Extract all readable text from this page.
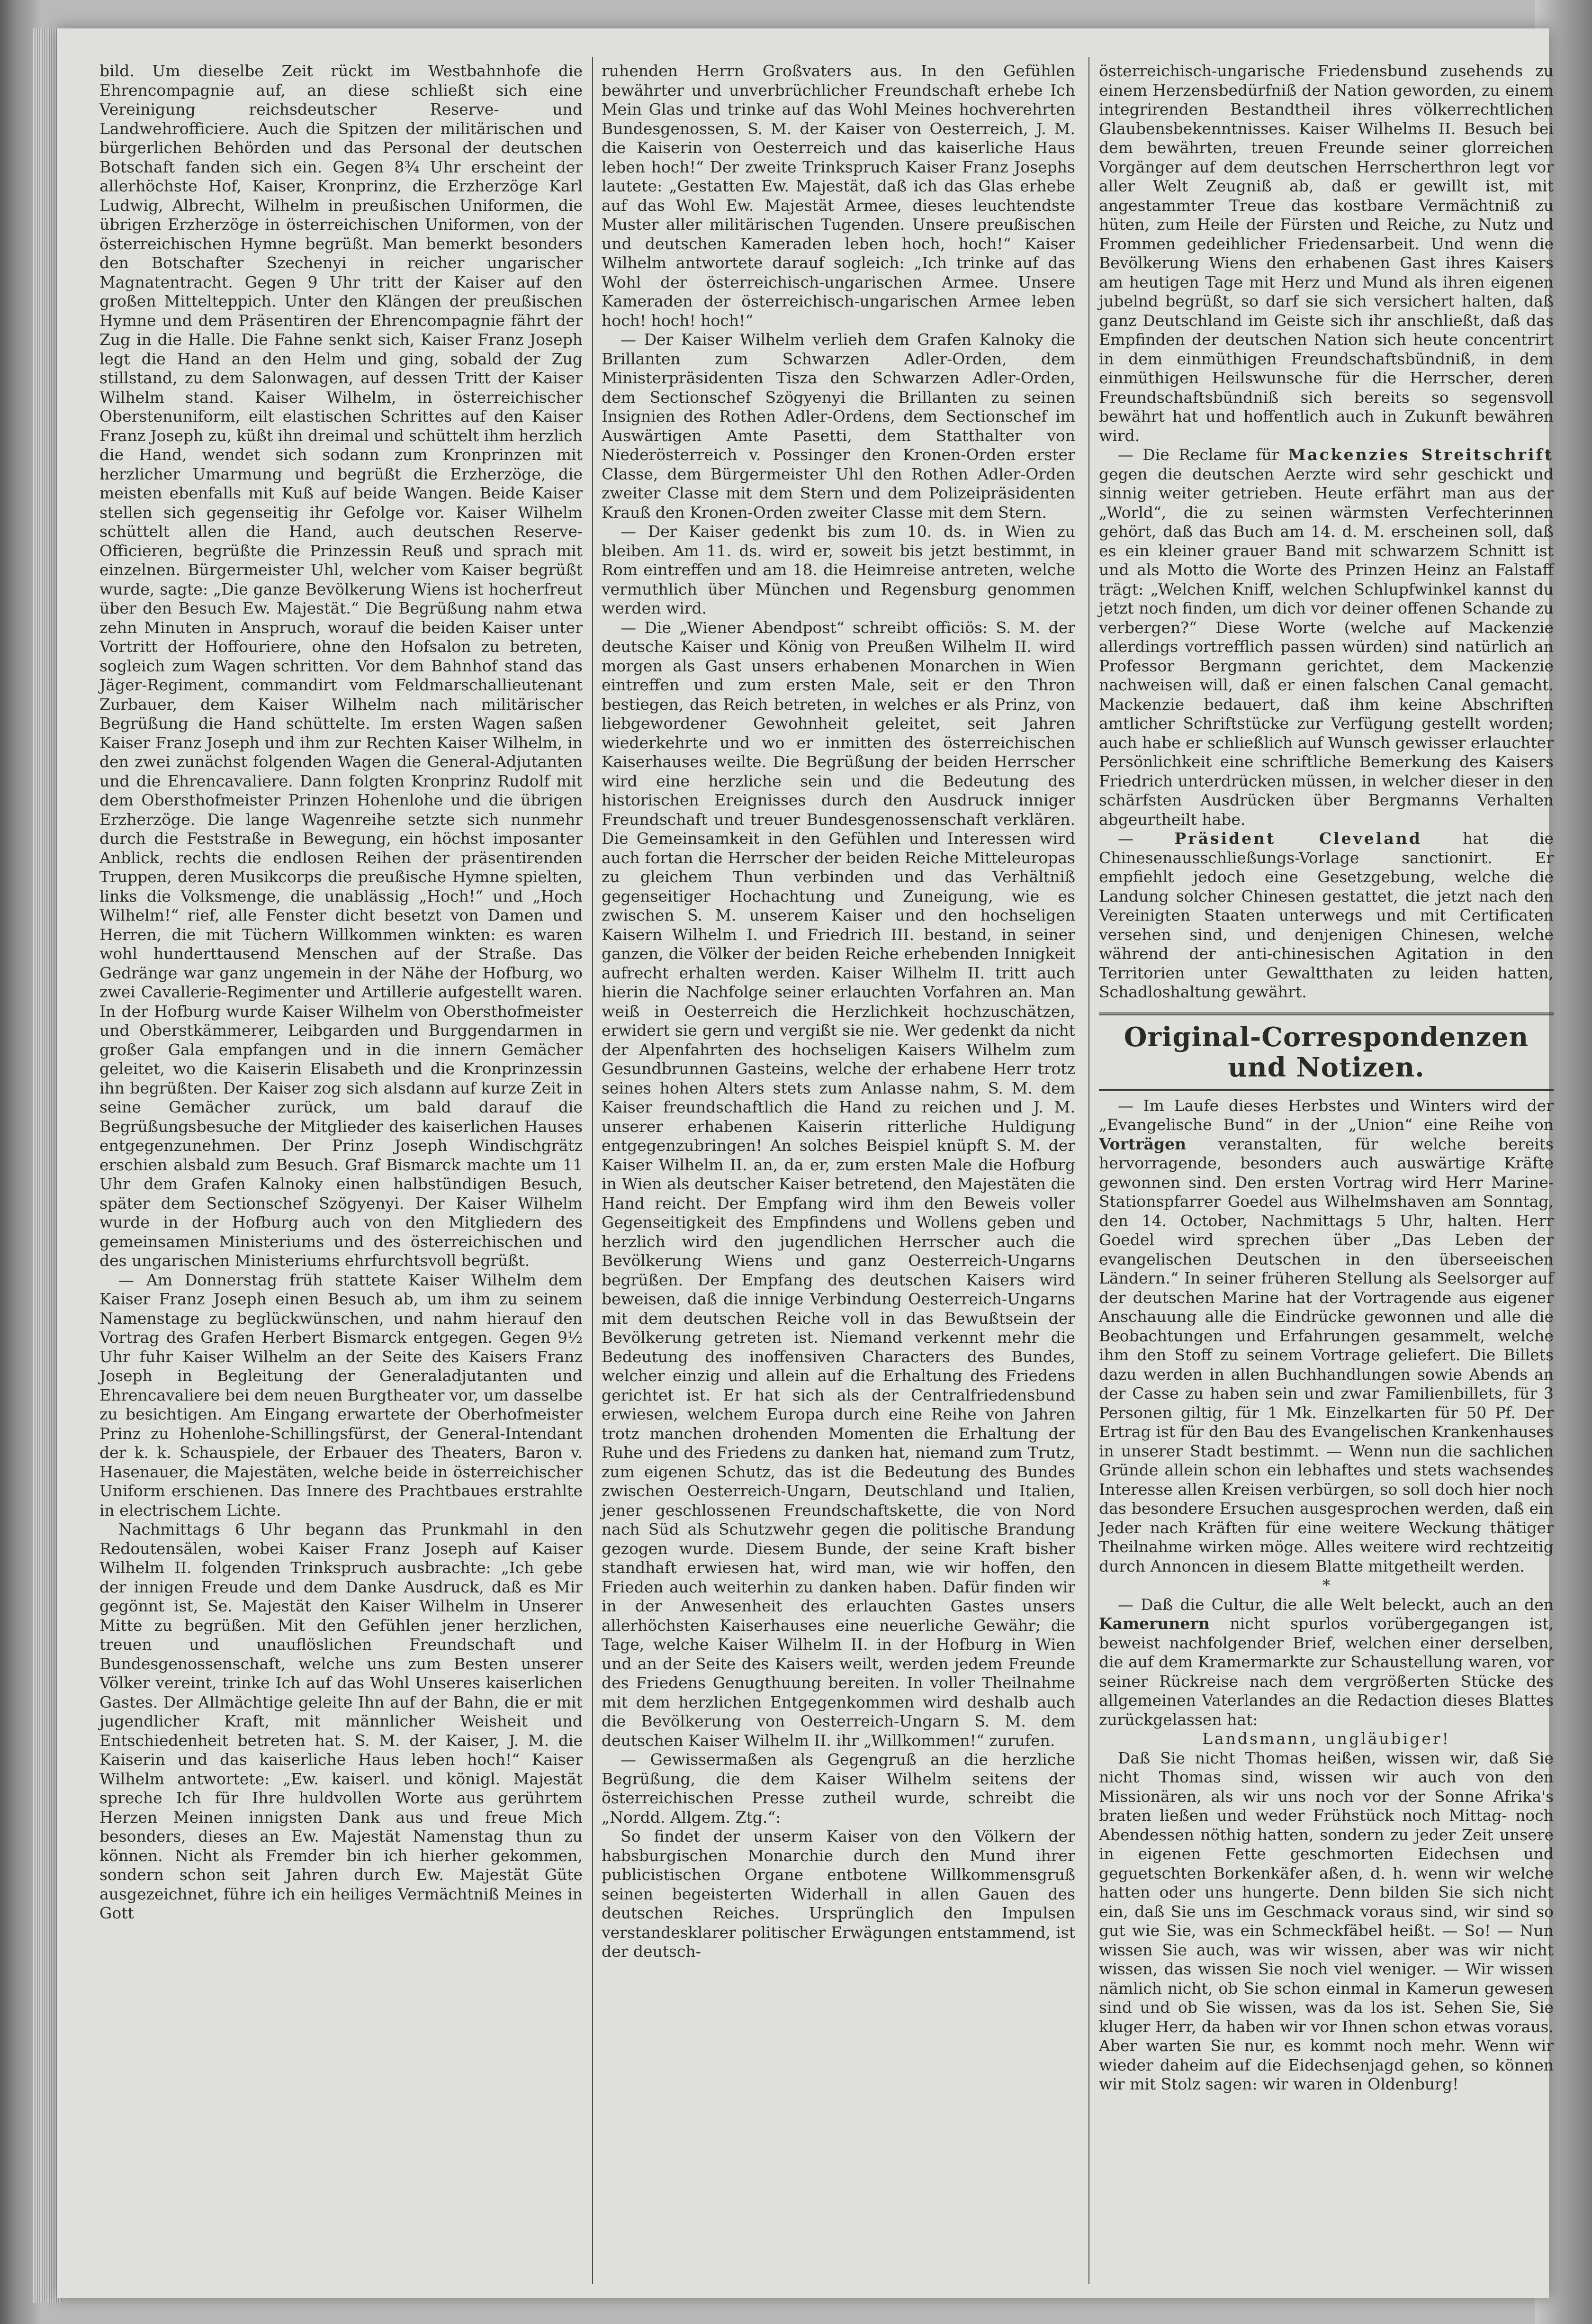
bild. Um dieselbe Zeit rückt im Westbahnhofe die Ehrencompagnie auf, an diese schließt sich eine Vereinigung reichsdeutscher Reserve- und Landwehrofficiere. Auch die Spitzen der militärischen und bürgerlichen Behörden und das Personal der deutschen Botschaft fanden sich ein. Gegen 8¾ Uhr erscheint der allerhöchste Hof, Kaiser, Kronprinz, die Erzherzöge Karl Ludwig, Albrecht, Wilhelm in preußischen Uniformen, die übrigen Erzherzöge in österreichischen Uniformen, von der österreichischen Hymne begrüßt. Man bemerkt besonders den Botschafter Szechenyi in reicher ungarischer Magnatentracht. Gegen 9 Uhr tritt der Kaiser auf den großen Mittelteppich. Unter den Klängen der preußischen Hymne und dem Präsentiren der Ehrencompagnie fährt der Zug in die Halle. Die Fahne senkt sich, Kaiser Franz Joseph legt die Hand an den Helm und ging, sobald der Zug stillstand, zu dem Salonwagen, auf dessen Tritt der Kaiser Wilhelm stand. Kaiser Wilhelm, in österreichischer Oberstenuniform, eilt elastischen Schrittes auf den Kaiser Franz Joseph zu, küßt ihn dreimal und schüttelt ihm herzlich die Hand, wendet sich sodann zum Kronprinzen mit herzlicher Umarmung und begrüßt die Erzherzöge, die meisten ebenfalls mit Kuß auf beide Wangen. Beide Kaiser stellen sich gegenseitig ihr Gefolge vor. Kaiser Wilhelm schüttelt allen die Hand, auch deutschen Reserve-Officieren, begrüßte die Prinzessin Reuß und sprach mit einzelnen. Bürgermeister Uhl, welcher vom Kaiser begrüßt wurde, sagte: „Die ganze Bevölkerung Wiens ist hocherfreut über den Besuch Ew. Majestät.“ Die Begrüßung nahm etwa zehn Minuten in Anspruch, worauf die beiden Kaiser unter Vortritt der Hoffouriere, ohne den Hofsalon zu betreten, sogleich zum Wagen schritten. Vor dem Bahnhof stand das Jäger-Regiment, commandirt vom Feldmarschallieutenant Zurbauer, dem Kaiser Wilhelm nach militärischer Begrüßung die Hand schüttelte. Im ersten Wagen saßen Kaiser Franz Joseph und ihm zur Rechten Kaiser Wilhelm, in den zwei zunächst folgenden Wagen die General-Adjutanten und die Ehrencavaliere. Dann folgten Kronprinz Rudolf mit dem Obersthofmeister Prinzen Hohenlohe und die übrigen Erzherzöge. Die lange Wagenreihe setzte sich nunmehr durch die Feststraße in Bewegung, ein höchst imposanter Anblick, rechts die endlosen Reihen der präsentirenden Truppen, deren Musikcorps die preußische Hymne spielten, links die Volksmenge, die unablässig „Hoch!“ und „Hoch Wilhelm!“ rief, alle Fenster dicht besetzt von Damen und Herren, die mit Tüchern Willkommen winkten: es waren wohl hunderttausend Menschen auf der Straße. Das Gedränge war ganz ungemein in der Nähe der Hofburg, wo zwei Cavallerie-Regimenter und Artillerie aufgestellt waren. In der Hofburg wurde Kaiser Wilhelm von Obersthofmeister und Oberstkämmerer, Leibgarden und Burggendarmen in großer Gala empfangen und in die innern Gemächer geleitet, wo die Kaiserin Elisabeth und die Kronprinzessin ihn begrüßten. Der Kaiser zog sich alsdann auf kurze Zeit in seine Gemächer zurück, um bald darauf die Begrüßungsbesuche der Mitglieder des kaiserlichen Hauses entgegenzunehmen. Der Prinz Joseph Windischgrätz erschien alsbald zum Besuch. Graf Bismarck machte um 11 Uhr dem Grafen Kalnoky einen halbstündigen Besuch, später dem Sectionschef Szögyenyi. Der Kaiser Wilhelm wurde in der Hofburg auch von den Mitgliedern des gemeinsamen Ministeriums und des österreichischen und des ungarischen Ministeriums ehrfurchtsvoll begrüßt.

— Am Donnerstag früh stattete Kaiser Wilhelm dem Kaiser Franz Joseph einen Besuch ab, um ihm zu seinem Namenstage zu beglückwünschen, und nahm hierauf den Vortrag des Grafen Herbert Bismarck entgegen. Gegen 9½ Uhr fuhr Kaiser Wilhelm an der Seite des Kaisers Franz Joseph in Begleitung der Generaladjutanten und Ehrencavaliere bei dem neuen Burgtheater vor, um dasselbe zu besichtigen. Am Eingang erwartete der Oberhofmeister Prinz zu Hohenlohe-Schillingsfürst, der General-Intendant der k. k. Schauspiele, der Erbauer des Theaters, Baron v. Hasenauer, die Majestäten, welche beide in österreichischer Uniform erschienen. Das Innere des Prachtbaues erstrahlte in electrischem Lichte.

Nachmittags 6 Uhr begann das Prunkmahl in den Redoutensälen, wobei Kaiser Franz Joseph auf Kaiser Wilhelm II. folgenden Trinkspruch ausbrachte: „Ich gebe der innigen Freude und dem Danke Ausdruck, daß es Mir gegönnt ist, Se. Majestät den Kaiser Wilhelm in Unserer Mitte zu begrüßen. Mit den Gefühlen jener herzlichen, treuen und unauflöslichen Freundschaft und Bundesgenossenschaft, welche uns zum Besten unserer Völker vereint, trinke Ich auf das Wohl Unseres kaiserlichen Gastes. Der Allmächtige geleite Ihn auf der Bahn, die er mit jugendlicher Kraft, mit männlicher Weisheit und Entschiedenheit betreten hat. S. M. der Kaiser, J. M. die Kaiserin und das kaiserliche Haus leben hoch!“ Kaiser Wilhelm antwortete: „Ew. kaiserl. und königl. Majestät spreche Ich für Ihre huldvollen Worte aus gerührtem Herzen Meinen innigsten Dank aus und freue Mich besonders, dieses an Ew. Majestät Namenstag thun zu können. Nicht als Fremder bin ich hierher gekommen, sondern schon seit Jahren durch Ew. Majestät Güte ausgezeichnet, führe ich ein heiliges Vermächtniß Meines in Gott

ruhenden Herrn Großvaters aus. In den Gefühlen bewährter und unverbrüchlicher Freundschaft erhebe Ich Mein Glas und trinke auf das Wohl Meines hochverehrten Bundesgenossen, S. M. der Kaiser von Oesterreich, J. M. die Kaiserin von Oesterreich und das kaiserliche Haus leben hoch!“ Der zweite Trinkspruch Kaiser Franz Josephs lautete: „Gestatten Ew. Majestät, daß ich das Glas erhebe auf das Wohl Ew. Majestät Armee, dieses leuchtendste Muster aller militärischen Tugenden. Unsere preußischen und deutschen Kameraden leben hoch, hoch!“ Kaiser Wilhelm antwortete darauf sogleich: „Ich trinke auf das Wohl der österreichisch-ungarischen Armee. Unsere Kameraden der österreichisch-ungarischen Armee leben hoch! hoch! hoch!“

— Der Kaiser Wilhelm verlieh dem Grafen Kalnoky die Brillanten zum Schwarzen Adler-Orden, dem Ministerpräsidenten Tisza den Schwarzen Adler-Orden, dem Sectionschef Szögyenyi die Brillanten zu seinen Insignien des Rothen Adler-Ordens, dem Sectionschef im Auswärtigen Amte Pasetti, dem Statthalter von Niederösterreich v. Possinger den Kronen-Orden erster Classe, dem Bürgermeister Uhl den Rothen Adler-Orden zweiter Classe mit dem Stern und dem Polizeipräsidenten Krauß den Kronen-Orden zweiter Classe mit dem Stern.

— Der Kaiser gedenkt bis zum 10. ds. in Wien zu bleiben. Am 11. ds. wird er, soweit bis jetzt bestimmt, in Rom eintreffen und am 18. die Heimreise antreten, welche vermuthlich über München und Regensburg genommen werden wird.

— Die „Wiener Abendpost“ schreibt officiös: S. M. der deutsche Kaiser und König von Preußen Wilhelm II. wird morgen als Gast unsers erhabenen Monarchen in Wien eintreffen und zum ersten Male, seit er den Thron bestiegen, das Reich betreten, in welches er als Prinz, von liebgewordener Gewohnheit geleitet, seit Jahren wiederkehrte und wo er inmitten des österreichischen Kaiserhauses weilte. Die Begrüßung der beiden Herrscher wird eine herzliche sein und die Bedeutung des historischen Ereignisses durch den Ausdruck inniger Freundschaft und treuer Bundesgenossenschaft verklären. Die Gemeinsamkeit in den Gefühlen und Interessen wird auch fortan die Herrscher der beiden Reiche Mitteleuropas zu gleichem Thun verbinden und das Verhältniß gegenseitiger Hochachtung und Zuneigung, wie es zwischen S. M. unserem Kaiser und den hochseligen Kaisern Wilhelm I. und Friedrich III. bestand, in seiner ganzen, die Völker der beiden Reiche erhebenden Innigkeit aufrecht erhalten werden. Kaiser Wilhelm II. tritt auch hierin die Nachfolge seiner erlauchten Vorfahren an. Man weiß in Oesterreich die Herzlichkeit hochzuschätzen, erwidert sie gern und vergißt sie nie. Wer gedenkt da nicht der Alpenfahrten des hochseligen Kaisers Wilhelm zum Gesundbrunnen Gasteins, welche der erhabene Herr trotz seines hohen Alters stets zum Anlasse nahm, S. M. dem Kaiser freundschaftlich die Hand zu reichen und J. M. unserer erhabenen Kaiserin ritterliche Huldigung entgegenzubringen! An solches Beispiel knüpft S. M. der Kaiser Wilhelm II. an, da er, zum ersten Male die Hofburg in Wien als deutscher Kaiser betretend, den Majestäten die Hand reicht. Der Empfang wird ihm den Beweis voller Gegenseitigkeit des Empfindens und Wollens geben und herzlich wird den jugendlichen Herrscher auch die Bevölkerung Wiens und ganz Oesterreich-Ungarns begrüßen. Der Empfang des deutschen Kaisers wird beweisen, daß die innige Verbindung Oesterreich-Ungarns mit dem deutschen Reiche voll in das Bewußtsein der Bevölkerung getreten ist. Niemand verkennt mehr die Bedeutung des inoffensiven Characters des Bundes, welcher einzig und allein auf die Erhaltung des Friedens gerichtet ist. Er hat sich als der Centralfriedensbund erwiesen, welchem Europa durch eine Reihe von Jahren trotz manchen drohenden Momenten die Erhaltung der Ruhe und des Friedens zu danken hat, niemand zum Trutz, zum eigenen Schutz, das ist die Bedeutung des Bundes zwischen Oesterreich-Ungarn, Deutschland und Italien, jener geschlossenen Freundschaftskette, die von Nord nach Süd als Schutzwehr gegen die politische Brandung gezogen wurde. Diesem Bunde, der seine Kraft bisher standhaft erwiesen hat, wird man, wie wir hoffen, den Frieden auch weiterhin zu danken haben. Dafür finden wir in der Anwesenheit des erlauchten Gastes unsers allerhöchsten Kaiserhauses eine neuerliche Gewähr; die Tage, welche Kaiser Wilhelm II. in der Hofburg in Wien und an der Seite des Kaisers weilt, werden jedem Freunde des Friedens Genugthuung bereiten. In voller Theilnahme mit dem herzlichen Entgegenkommen wird deshalb auch die Bevölkerung von Oesterreich-Ungarn S. M. dem deutschen Kaiser Wilhelm II. ihr „Willkommen!“ zurufen.

— Gewissermaßen als Gegengruß an die herzliche Begrüßung, die dem Kaiser Wilhelm seitens der österreichischen Presse zutheil wurde, schreibt die „Nordd. Allgem. Ztg.“:

So findet der unserm Kaiser von den Völkern der habsburgischen Monarchie durch den Mund ihrer publicistischen Organe entbotene Willkommensgruß seinen begeisterten Widerhall in allen Gauen des deutschen Reiches. Ursprünglich den Impulsen verstandesklarer politischer Erwägungen entstammend, ist der deutsch-

österreichisch-ungarische Friedensbund zusehends zu einem Herzensbedürfniß der Nation geworden, zu einem integrirenden Bestandtheil ihres völkerrechtlichen Glaubensbekenntnisses. Kaiser Wilhelms II. Besuch bei dem bewährten, treuen Freunde seiner glorreichen Vorgänger auf dem deutschen Herrscherthron legt vor aller Welt Zeugniß ab, daß er gewillt ist, mit angestammter Treue das kostbare Vermächtniß zu hüten, zum Heile der Fürsten und Reiche, zu Nutz und Frommen gedeihlicher Friedensarbeit. Und wenn die Bevölkerung Wiens den erhabenen Gast ihres Kaisers am heutigen Tage mit Herz und Mund als ihren eigenen jubelnd begrüßt, so darf sie sich versichert halten, daß ganz Deutschland im Geiste sich ihr anschließt, daß das Empfinden der deutschen Nation sich heute concentrirt in dem einmüthigen Freundschaftsbündniß, in dem einmüthigen Heilswunsche für die Herrscher, deren Freundschaftsbündniß sich bereits so segensvoll bewährt hat und hoffentlich auch in Zukunft bewähren wird.

— Die Reclame für Mackenzies Streitschrift gegen die deutschen Aerzte wird sehr geschickt und sinnig weiter getrieben. Heute erfährt man aus der „World“, die zu seinen wärmsten Verfechterinnen gehört, daß das Buch am 14. d. M. erscheinen soll, daß es ein kleiner grauer Band mit schwarzem Schnitt ist und als Motto die Worte des Prinzen Heinz an Falstaff trägt: „Welchen Kniff, welchen Schlupfwinkel kannst du jetzt noch finden, um dich vor deiner offenen Schande zu verbergen?“ Diese Worte (welche auf Mackenzie allerdings vortrefflich passen würden) sind natürlich an Professor Bergmann gerichtet, dem Mackenzie nachweisen will, daß er einen falschen Canal gemacht. Mackenzie bedauert, daß ihm keine Abschriften amtlicher Schriftstücke zur Verfügung gestellt worden; auch habe er schließlich auf Wunsch gewisser erlauchter Persönlichkeit eine schriftliche Bemerkung des Kaisers Friedrich unterdrücken müssen, in welcher dieser in den schärfsten Ausdrücken über Bergmanns Verhalten abgeurtheilt habe.

— Präsident Cleveland hat die Chinesenausschließungs-Vorlage sanctionirt. Er empfiehlt jedoch eine Gesetzgebung, welche die Landung solcher Chinesen gestattet, die jetzt nach den Vereinigten Staaten unterwegs und mit Certificaten versehen sind, und denjenigen Chinesen, welche während der anti-chinesischen Agitation in den Territorien unter Gewaltthaten zu leiden hatten, Schadloshaltung gewährt.

Original-Correspondenzen und Notizen.

— Im Laufe dieses Herbstes und Winters wird der „Evangelische Bund“ in der „Union“ eine Reihe von Vorträgen veranstalten, für welche bereits hervorragende, besonders auch auswärtige Kräfte gewonnen sind. Den ersten Vortrag wird Herr Marine-Stationspfarrer Goedel aus Wilhelmshaven am Sonntag, den 14. October, Nachmittags 5 Uhr, halten. Herr Goedel wird sprechen über „Das Leben der evangelischen Deutschen in den überseeischen Ländern.“ In seiner früheren Stellung als Seelsorger auf der deutschen Marine hat der Vortragende aus eigener Anschauung alle die Eindrücke gewonnen und alle die Beobachtungen und Erfahrungen gesammelt, welche ihm den Stoff zu seinem Vortrage geliefert. Die Billets dazu werden in allen Buchhandlungen sowie Abends an der Casse zu haben sein und zwar Familienbillets, für 3 Personen giltig, für 1 Mk. Einzelkarten für 50 Pf. Der Ertrag ist für den Bau des Evangelischen Krankenhauses in unserer Stadt bestimmt. — Wenn nun die sachlichen Gründe allein schon ein lebhaftes und stets wachsendes Interesse allen Kreisen verbürgen, so soll doch hier noch das besondere Ersuchen ausgesprochen werden, daß ein Jeder nach Kräften für eine weitere Weckung thätiger Theilnahme wirken möge. Alles weitere wird rechtzeitig durch Annoncen in diesem Blatte mitgetheilt werden.

*

— Daß die Cultur, die alle Welt beleckt, auch an den Kamerunern nicht spurlos vorübergegangen ist, beweist nachfolgender Brief, welchen einer derselben, die auf dem Kramermarkte zur Schaustellung waren, vor seiner Rückreise nach dem vergrößerten Stücke des allgemeinen Vaterlandes an die Redaction dieses Blattes zurückgelassen hat:

Landsmann, ungläubiger!

Daß Sie nicht Thomas heißen, wissen wir, daß Sie nicht Thomas sind, wissen wir auch von den Missionären, als wir uns noch vor der Sonne Afrika's braten ließen und weder Frühstück noch Mittag- noch Abendessen nöthig hatten, sondern zu jeder Zeit unsere in eigenen Fette geschmorten Eidechsen und geguetschten Borkenkäfer aßen, d. h. wenn wir welche hatten oder uns hungerte. Denn bilden Sie sich nicht ein, daß Sie uns im Geschmack voraus sind, wir sind so gut wie Sie, was ein Schmeckfäbel heißt. — So! — Nun wissen Sie auch, was wir wissen, aber was wir nicht wissen, das wissen Sie noch viel weniger. — Wir wissen nämlich nicht, ob Sie schon einmal in Kamerun gewesen sind und ob Sie wissen, was da los ist. Sehen Sie, Sie kluger Herr, da haben wir vor Ihnen schon etwas voraus. Aber warten Sie nur, es kommt noch mehr. Wenn wir wieder daheim auf die Eidechsenjagd gehen, so können wir mit Stolz sagen: wir waren in Oldenburg!
